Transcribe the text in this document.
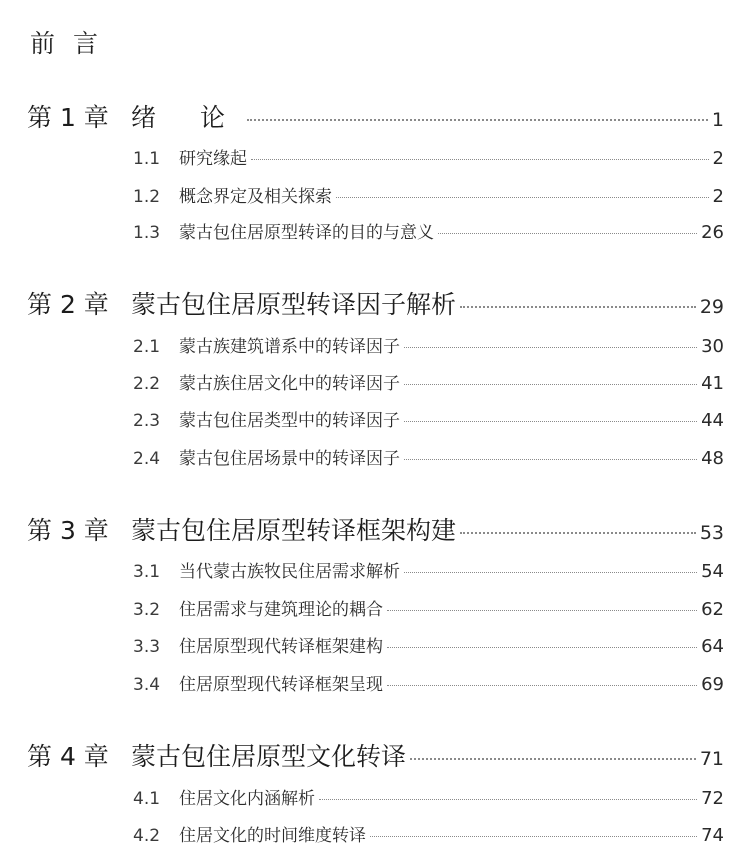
前言
第 1 章 绪 论	1
1.1	研究缘起	2
1.2	概念界定及相关探索	2
1.3	蒙古包住居原型转译的目的与意义	26
第 2 章 蒙古包住居原型转译因子解析	29
2.1	蒙古族建筑谱系中的转译因子	30
2.2	蒙古族住居文化中的转译因子	41
2.3	蒙古包住居类型中的转译因子	44
2.4	蒙古包住居场景中的转译因子	48
第 3 章 蒙古包住居原型转译框架构建	53
3.1	当代蒙古族牧民住居需求解析	54
3.2	住居需求与建筑理论的耦合	62
3.3	住居原型现代转译框架建构	64
3.4	住居原型现代转译框架呈现	69
第 4 章 蒙古包住居原型文化转译	71
4.1	住居文化内涵解析	72
4.2	住居文化的时间维度转译	74
